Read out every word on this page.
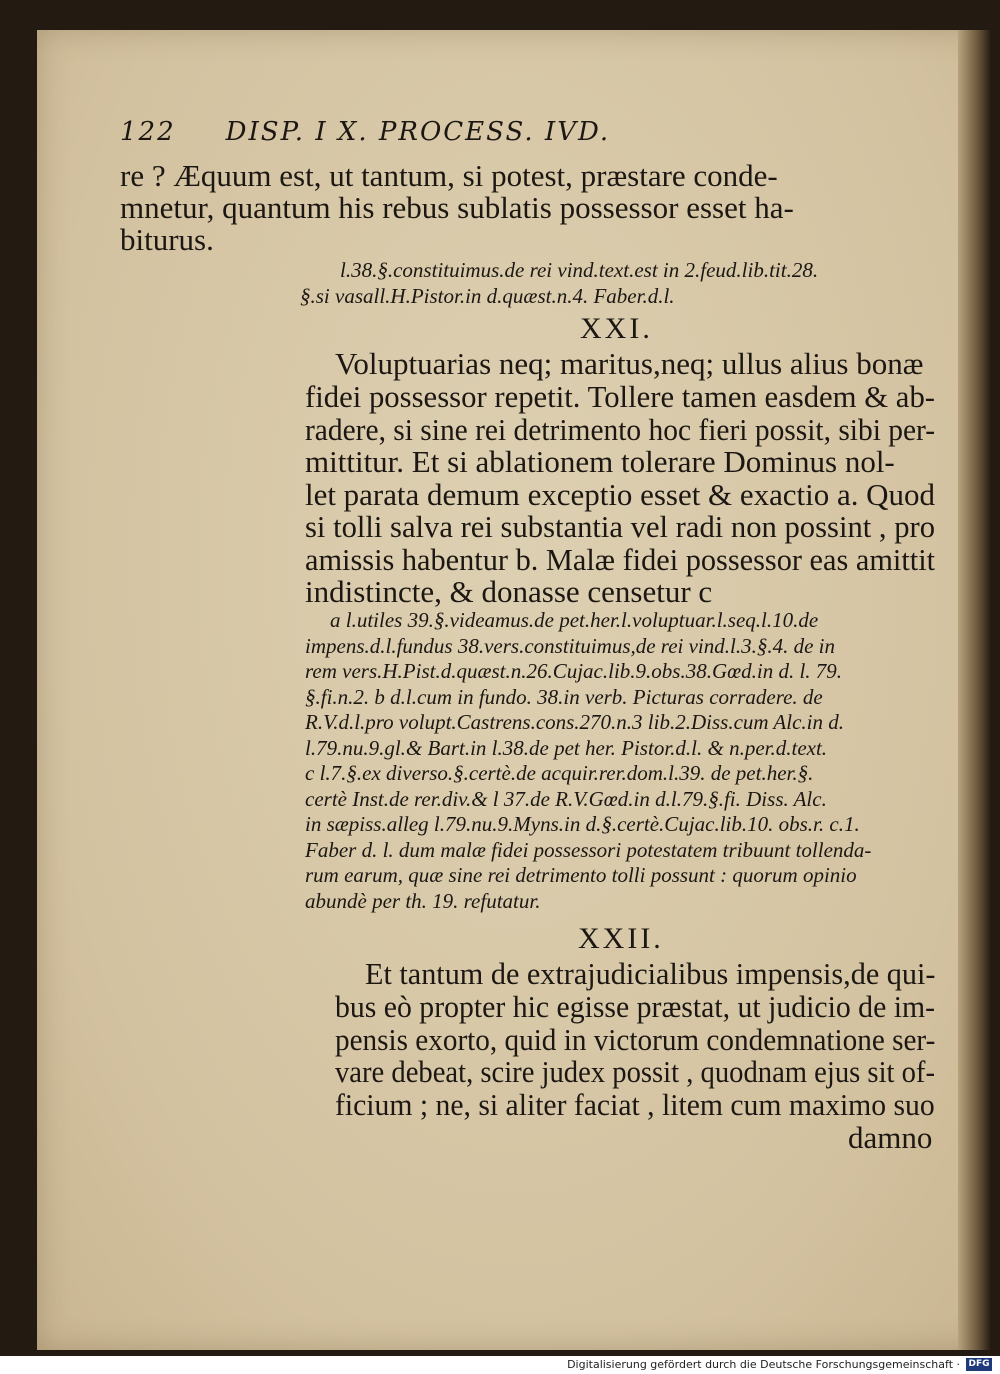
122 DISP. I X. PROCESS. IVD.
re ? Æquum est, ut tantum, si potest, præstare conde-
mnetur, quantum his rebus sublatis possessor esset ha-
biturus.
l.38.§.constituimus.de rei vind.text.est in 2.feud.lib.tit.28.
§.si vasall.H.Pistor.in d.quæst.n.4. Faber.d.l.
XXI.
Voluptuarias neq; maritus,neq; ullus alius bonæ
fidei possessor repetit. Tollere tamen easdem & ab-
radere, si sine rei detrimento hoc fieri possit, sibi per-
mittitur. Et si ablationem tolerare Dominus nol-
let parata demum exceptio esset & exactio a. Quod
si tolli salva rei substantia vel radi non possint , pro
amissis habentur b. Malæ fidei possessor eas amittit
indistincte, & donasse censetur c
a l.utiles 39.§.videamus.de pet.her.l.voluptuar.l.seq.l.10.de
impens.d.l.fundus 38.vers.constituimus,de rei vind.l.3.§.4. de in
rem vers.H.Pist.d.quæst.n.26.Cujac.lib.9.obs.38.Gœd.in d. l. 79.
§.fi.n.2. b d.l.cum in fundo. 38.in verb. Picturas corradere. de
R.V.d.l.pro volupt.Castrens.cons.270.n.3 lib.2.Diss.cum Alc.in d.
l.79.nu.9.gl.& Bart.in l.38.de pet her. Pistor.d.l. & n.per.d.text.
c l.7.§.ex diverso.§.certè.de acquir.rer.dom.l.39. de pet.her.§.
certè Inst.de rer.div.& l 37.de R.V.Gœd.in d.l.79.§.fi. Diss. Alc.
in sæpiss.alleg l.79.nu.9.Myns.in d.§.certè.Cujac.lib.10. obs.r. c.1.
Faber d. l. dum malæ fidei possessori potestatem tribuunt tollenda-
rum earum, quæ sine rei detrimento tolli possunt : quorum opinio
abundè per th. 19. refutatur.
XXII.
Et tantum de extrajudicialibus impensis,de qui-
bus eò propter hic egisse præstat, ut judicio de im-
pensis exorto, quid in victorum condemnatione ser-
vare debeat, scire judex possit , quodnam ejus sit of-
ficium ; ne, si aliter faciat , litem cum maximo suo
damno
Digitalisierung gefördert durch die Deutsche Forschungsgemeinschaft · DFG
